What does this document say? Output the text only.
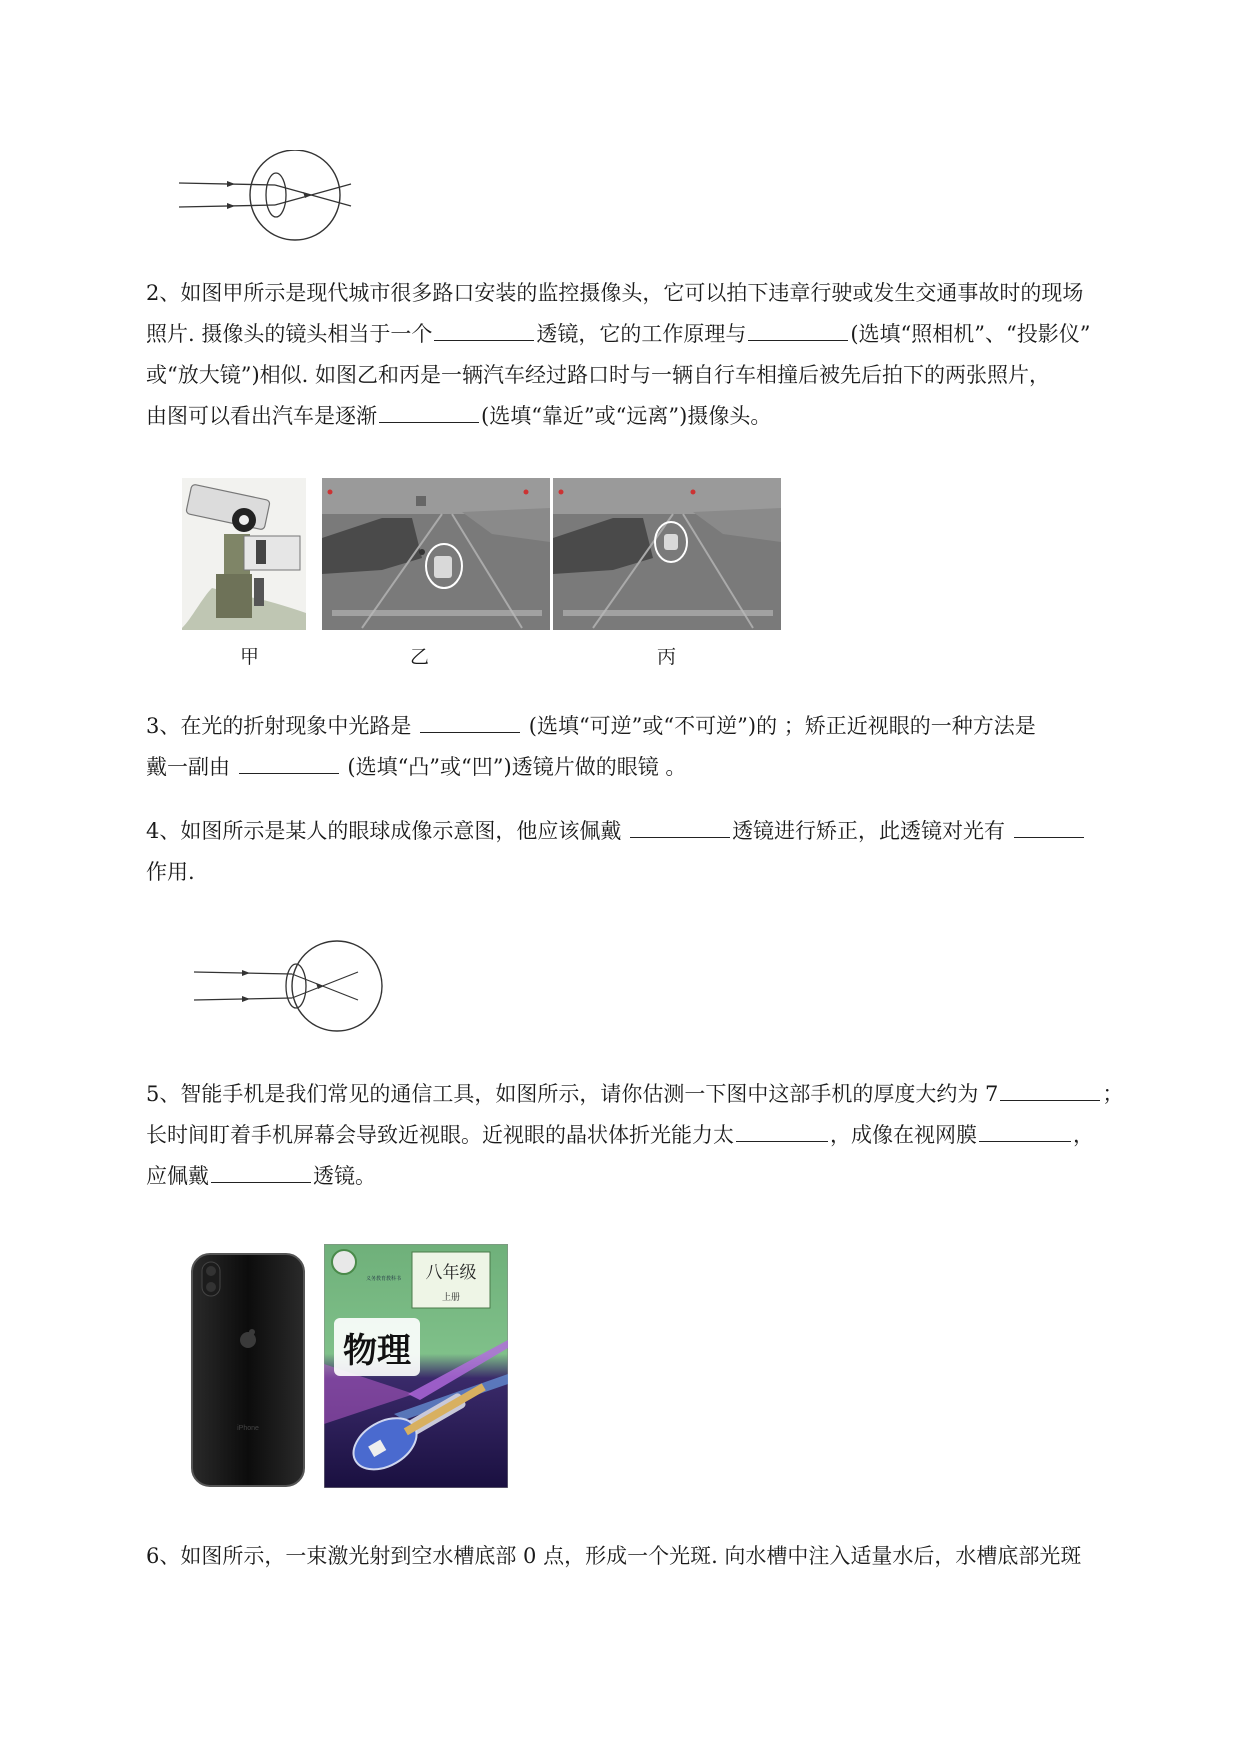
2、如图甲所示是现代城市很多路口安装的监控摄像头，它可以拍下违章行驶或发生交通事故时的现场
照片. 摄像头的镜头相当于一个	透镜，它的工作原理与	(选填“照相机”、“投影仪”
或“放大镜”)相似. 如图乙和丙是一辆汽车经过路口时与一辆自行车相撞后被先后拍下的两张照片，
由图可以看出汽车是逐渐	(选填“靠近”或“远离”)摄像头。
甲	乙	丙
3、在光的折射现象中光路是	(选填“可逆”或“不可逆”)的 ；矫正近视眼的一种方法是
戴一副由	(选填“凸”或“凹”)透镜片做的眼镜 。
4、如图所示是某人的眼球成像示意图，他应该佩戴	透镜进行矫正，此透镜对光有
作用.
5、智能手机是我们常见的通信工具，如图所示，请你估测一下图中这部手机的厚度大约为 7	；
长时间盯着手机屏幕会导致近视眼。近视眼的晶状体折光能力太	，成像在视网膜	，
应佩戴	透镜。
iPhone
八年级
上册
义务教育教科书
物理
6、如图所示，一束激光射到空水槽底部 0 点，形成一个光斑. 向水槽中注入适量水后，水槽底部光斑
